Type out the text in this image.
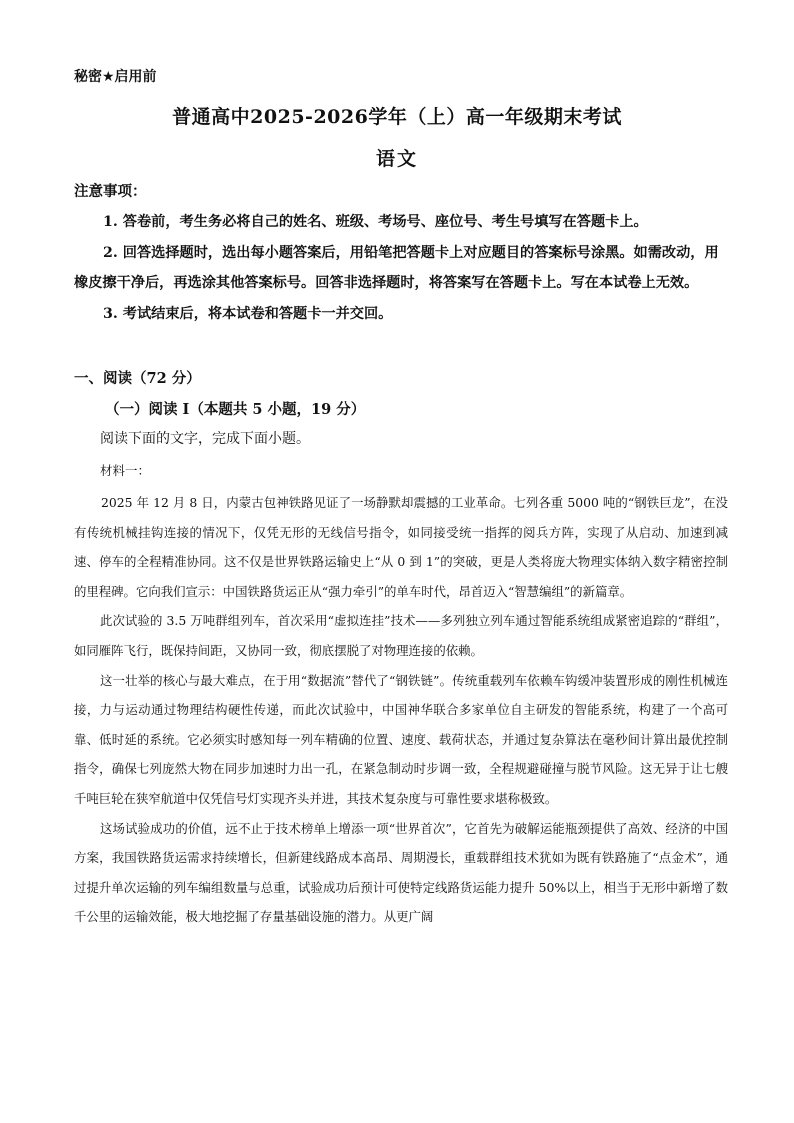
秘密★启用前
普通高中2025-2026学年（上）高一年级期末考试
语文
注意事项：

1. 答卷前，考生务必将自己的姓名、班级、考场号、座位号、考生号填写在答题卡上。

2. 回答选择题时，选出每小题答案后，用铅笔把答题卡上对应题目的答案标号涂黑。如需改动，用橡皮擦干净后，再选涂其他答案标号。回答非选择题时，将答案写在答题卡上。写在本试卷上无效。

3. 考试结束后，将本试卷和答题卡一并交回。

一、阅读（72 分）
（一）阅读 I（本题共 5 小题，19 分）
阅读下面的文字，完成下面小题。
材料一：

2025 年 12 月 8 日，内蒙古包神铁路见证了一场静默却震撼的工业革命。七列各重 5000 吨的“钢铁巨龙”，在没有传统机械挂钩连接的情况下，仅凭无形的无线信号指令，如同接受统一指挥的阅兵方阵，实现了从启动、加速到减速、停车的全程精准协同。这不仅是世界铁路运输史上“从 0 到 1”的突破，更是人类将庞大物理实体纳入数字精密控制的里程碑。它向我们宣示：中国铁路货运正从“强力牵引”的单车时代，昂首迈入“智慧编组”的新篇章。

此次试验的 3.5 万吨群组列车，首次采用“虚拟连挂”技术——多列独立列车通过智能系统组成紧密追踪的“群组”，如同雁阵飞行，既保持间距，又协同一致，彻底摆脱了对物理连接的依赖。

这一壮举的核心与最大难点，在于用“数据流”替代了“钢铁链”。传统重载列车依赖车钩缓冲装置形成的刚性机械连接，力与运动通过物理结构硬性传递，而此次试验中，中国神华联合多家单位自主研发的智能系统，构建了一个高可靠、低时延的系统。它必须实时感知每一列车精确的位置、速度、载荷状态，并通过复杂算法在毫秒间计算出最优控制指令，确保七列庞然大物在同步加速时力出一孔，在紧急制动时步调一致，全程规避碰撞与脱节风险。这无异于让七艘千吨巨轮在狭窄航道中仅凭信号灯实现齐头并进，其技术复杂度与可靠性要求堪称极致。

这场试验成功的价值，远不止于技术榜单上增添一项“世界首次”，它首先为破解运能瓶颈提供了高效、经济的中国方案，我国铁路货运需求持续增长，但新建线路成本高昂、周期漫长，重载群组技术犹如为既有铁路施了“点金术”，通过提升单次运输的列车编组数量与总重，试验成功后预计可使特定线路货运能力提升 50%以上，相当于无形中新增了数千公里的运输效能，极大地挖掘了存量基础设施的潜力。从更广阔
